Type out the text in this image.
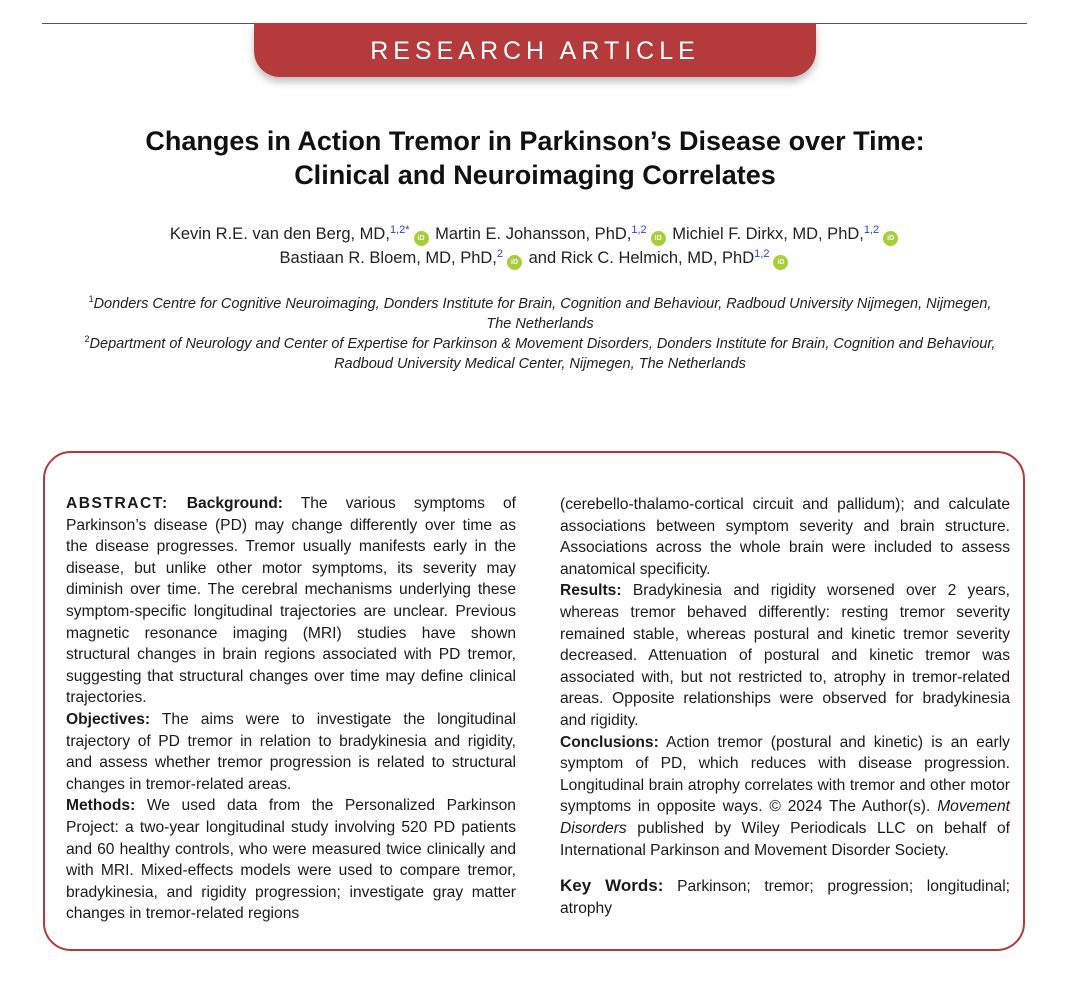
RESEARCH ARTICLE
Changes in Action Tremor in Parkinson’s Disease over Time:
Clinical and Neuroimaging Correlates
Kevin R.E. van den Berg, MD,$^{1,2*}$iD Martin E. Johansson, PhD,$^{1,2}$iD Michiel F. Dirkx, MD, PhD,$^{1,2}$iD
Bastiaan R. Bloem, MD, PhD,$^2$iD and Rick C. Helmich, MD, PhD$^{1,2}$iD

$^1$Donders Centre for Cognitive Neuroimaging, Donders Institute for Brain, Cognition and Behaviour, Radboud University Nijmegen, Nijmegen,

The Netherlands

$^2$Department of Neurology and Center of Expertise for Parkinson & Movement Disorders, Donders Institute for Brain, Cognition and Behaviour,

Radboud University Medical Center, Nijmegen, The Netherlands

ABSTRACT: Background: The various symptoms of Parkinson’s disease (PD) may change differently over time as the disease progresses. Tremor usually manifests early in the disease, but unlike other motor symptoms, its severity may diminish over time. The cerebral mechanisms underlying these symptom-specific longitudinal trajectories are unclear. Previous magnetic resonance imaging (MRI) studies have shown structural changes in brain regions associated with PD tremor, suggesting that structural changes over time may define clinical trajectories.

Objectives: The aims were to investigate the longitudinal trajectory of PD tremor in relation to bradykinesia and rigidity, and assess whether tremor progression is related to structural changes in tremor-related areas.

Methods: We used data from the Personalized Parkinson Project: a two-year longitudinal study involving 520 PD patients and 60 healthy controls, who were measured twice clinically and with MRI. Mixed-effects models were used to compare tremor, bradykinesia, and rigidity progression; investigate gray matter changes in tremor-related regions

(cerebello-thalamo-cortical circuit and pallidum); and calculate associations between symptom severity and brain structure. Associations across the whole brain were included to assess anatomical specificity.

Results: Bradykinesia and rigidity worsened over 2 years, whereas tremor behaved differently: resting tremor severity remained stable, whereas postural and kinetic tremor severity decreased. Attenuation of postural and kinetic tremor was associated with, but not restricted to, atrophy in tremor-related areas. Opposite relationships were observed for bradykinesia and rigidity.

Conclusions: Action tremor (postural and kinetic) is an early symptom of PD, which reduces with disease progression. Longitudinal brain atrophy correlates with tremor and other motor symptoms in opposite ways. © 2024 The Author(s). Movement Disorders published by Wiley Periodicals LLC on behalf of International Parkinson and Movement Disorder Society.

Key Words: Parkinson; tremor; progression; longitudinal; atrophy
